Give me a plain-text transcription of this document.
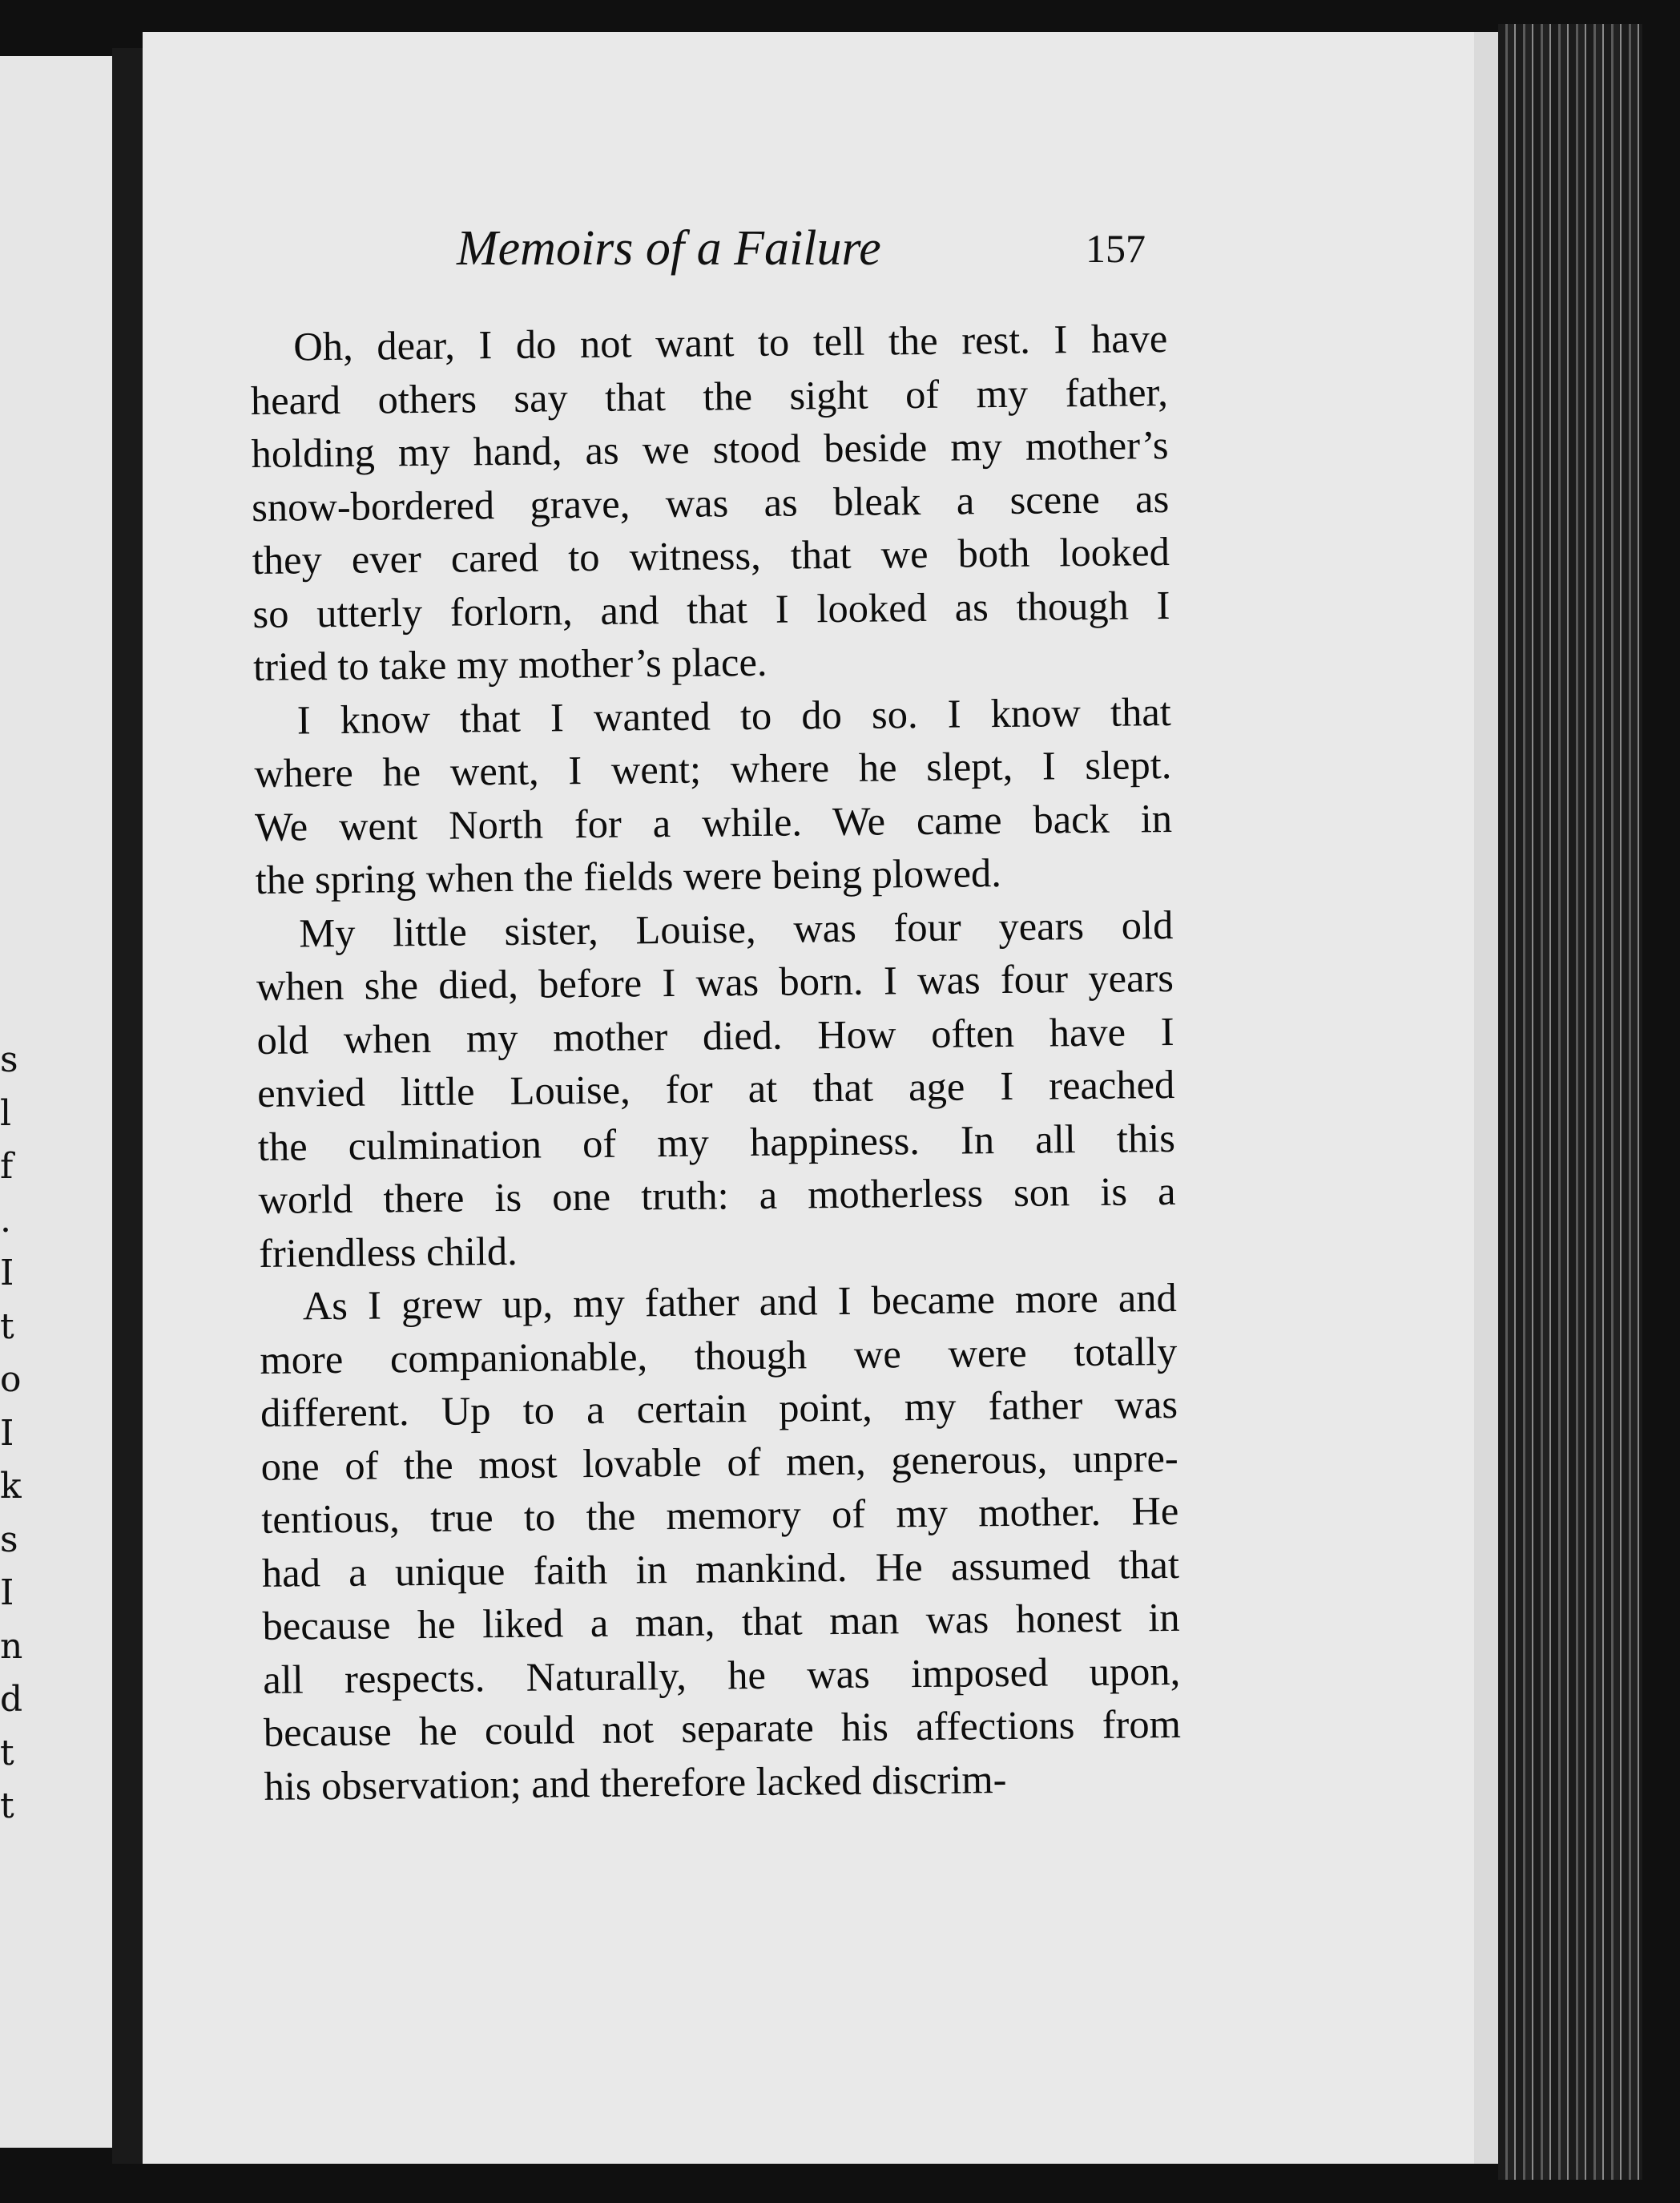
s
l
f
.
I
t
o
I
k
s
I
n
d
t
t
Memoirs of a Failure	157
Oh, dear, I do not want to tell the rest. I have
heard others say that the sight of my father,
holding my hand, as we stood beside my mother’s
snow-bordered grave, was as bleak a scene as
they ever cared to witness, that we both looked
so utterly forlorn, and that I looked as though I
tried to take my mother’s place.
I know that I wanted to do so. I know that
where he went, I went; where he slept, I slept.
We went North for a while. We came back in
the spring when the fields were being plowed.
My little sister, Louise, was four years old
when she died, before I was born. I was four years
old when my mother died. How often have I
envied little Louise, for at that age I reached
the culmination of my happiness. In all this
world there is one truth: a motherless son is a
friendless child.
As I grew up, my father and I became more and
more companionable, though we were totally
different. Up to a certain point, my father was
one of the most lovable of men, generous, unpre-
tentious, true to the memory of my mother. He
had a unique faith in mankind. He assumed that
because he liked a man, that man was honest in
all respects. Naturally, he was imposed upon,
because he could not separate his affections from
his observation; and therefore lacked discrim-
